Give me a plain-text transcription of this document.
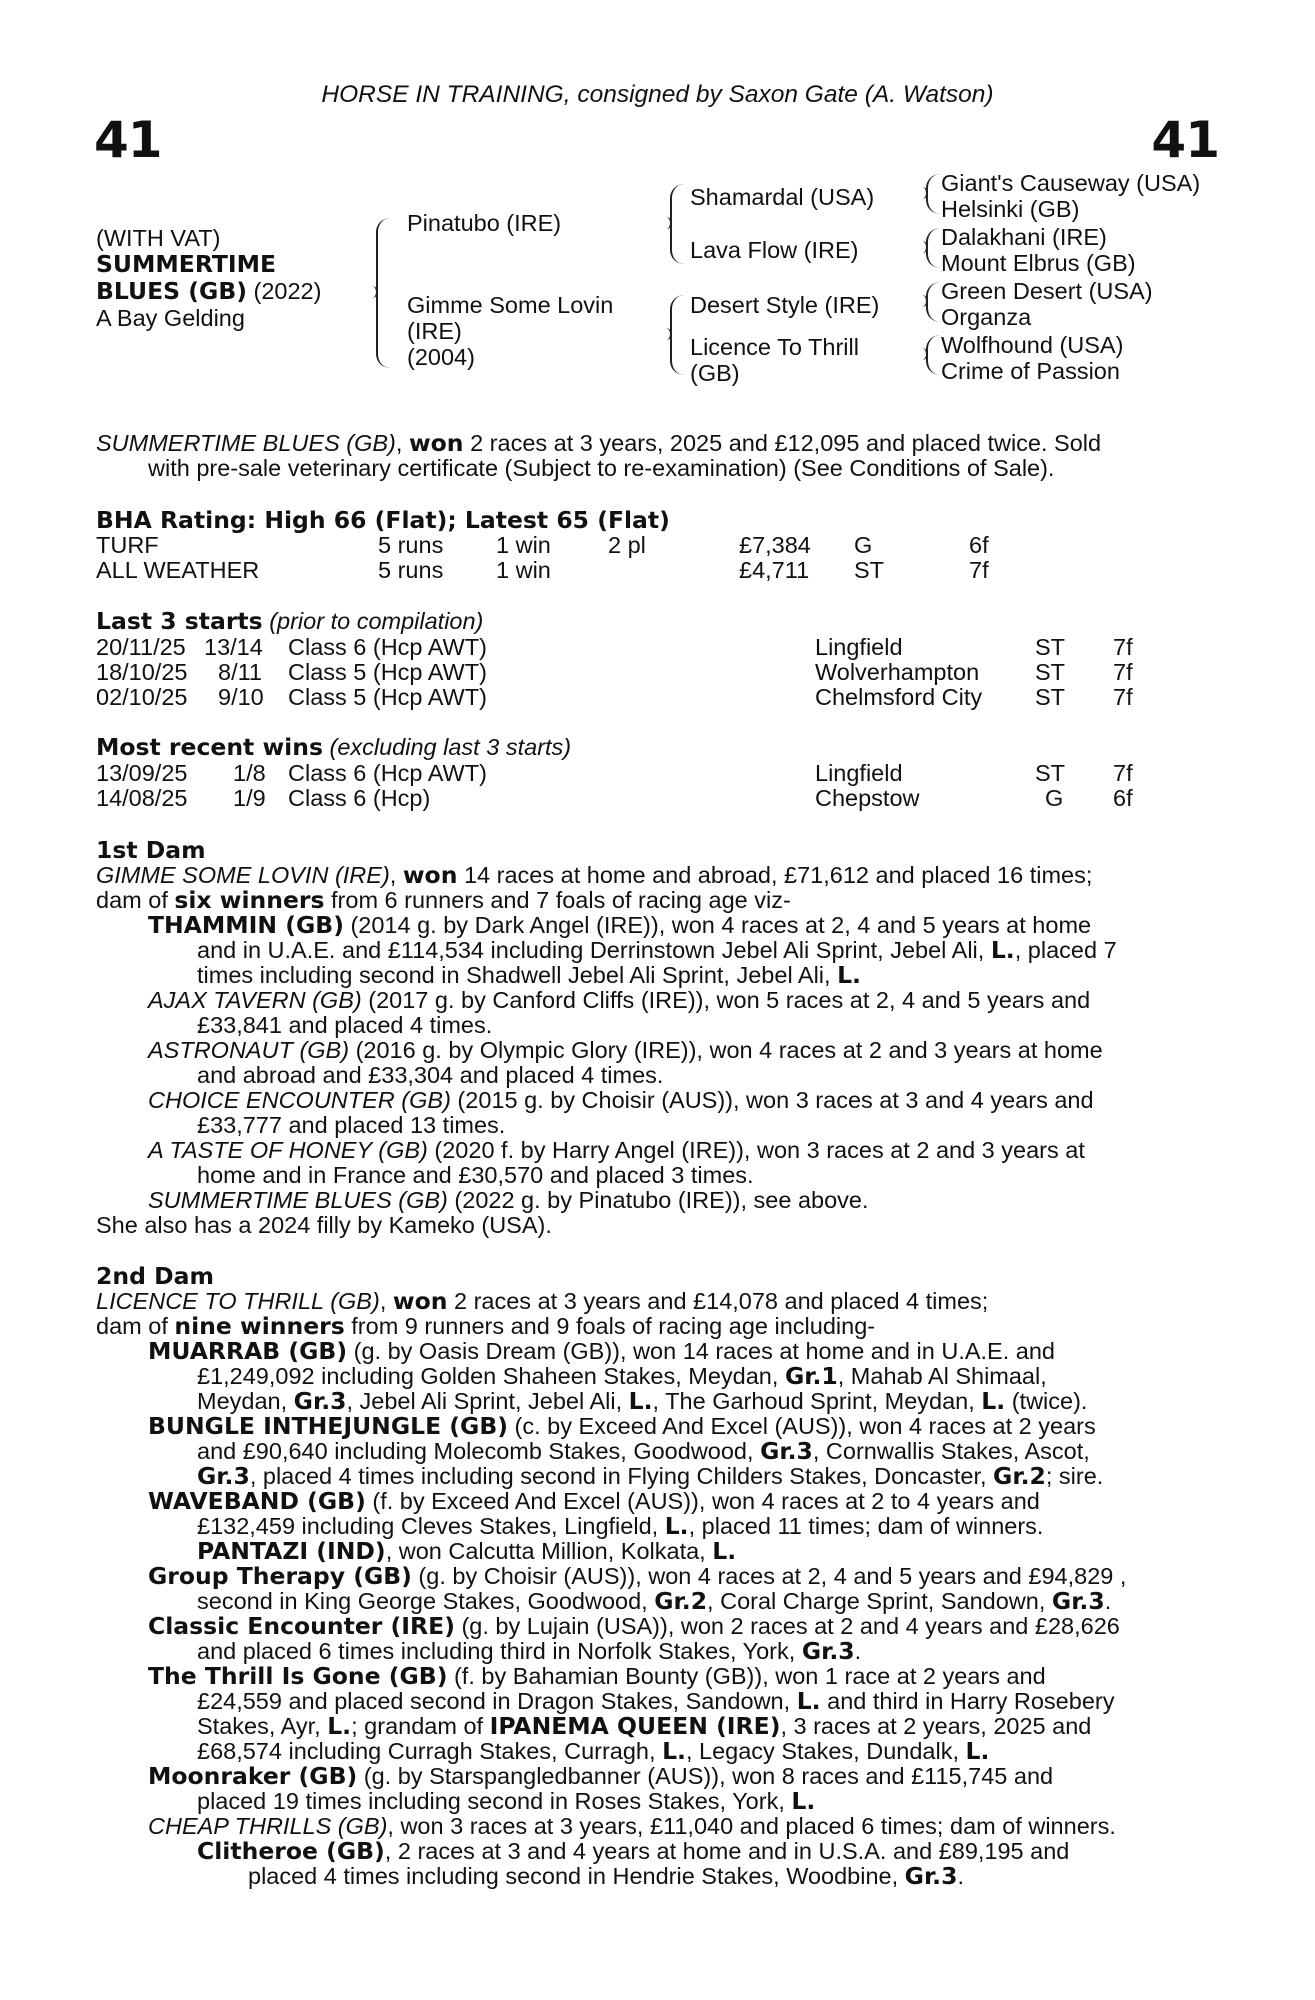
HORSE IN TRAINING, consigned by Saxon Gate (A. Watson)
41	41
(WITH VAT)
SUMMERTIME
BLUES (GB) (2022)
A Bay Gelding
Pinatubo (IRE)
Gimme Some Lovin
(IRE)
(2004)
Shamardal (USA)
Lava Flow (IRE)
Desert Style (IRE)
Licence To Thrill
(GB)
Giant's Causeway (USA)
Helsinki (GB)
Dalakhani (IRE)
Mount Elbrus (GB)
Green Desert (USA)
Organza
Wolfhound (USA)
Crime of Passion
SUMMERTIME BLUES (GB), won 2 races at 3 years, 2025 and £12,095 and placed twice. Sold
with pre-sale veterinary certificate (Subject to re-examination) (See Conditions of Sale).
BHA Rating: High 66 (Flat); Latest 65 (Flat)
TURF	5 runs 1 win 2 pl	£7,384 G	6f
ALL WEATHER	5 runs 1 win	£4,711 ST	7f
Last 3 starts (prior to compilation)
20/11/25 13/14 Class 6 (Hcp AWT)	Lingfield	ST 7f
18/10/25 8/11 Class 5 (Hcp AWT)	Wolverhampton ST 7f
02/10/25 9/10 Class 5 (Hcp AWT)	Chelmsford City ST 7f
Most recent wins (excluding last 3 starts)
13/09/25 1/8 Class 6 (Hcp AWT)	Lingfield	ST 7f
14/08/25 1/9 Class 6 (Hcp)	Chepstow	G 6f
1st Dam
GIMME SOME LOVIN (IRE), won 14 races at home and abroad, £71,612 and placed 16 times;
dam of six winners from 6 runners and 7 foals of racing age viz-
THAMMIN (GB) (2014 g. by Dark Angel (IRE)), won 4 races at 2, 4 and 5 years at home
and in U.A.E. and £114,534 including Derrinstown Jebel Ali Sprint, Jebel Ali, L., placed 7
times including second in Shadwell Jebel Ali Sprint, Jebel Ali, L.
AJAX TAVERN (GB) (2017 g. by Canford Cliffs (IRE)), won 5 races at 2, 4 and 5 years and
£33,841 and placed 4 times.
ASTRONAUT (GB) (2016 g. by Olympic Glory (IRE)), won 4 races at 2 and 3 years at home
and abroad and £33,304 and placed 4 times.
CHOICE ENCOUNTER (GB) (2015 g. by Choisir (AUS)), won 3 races at 3 and 4 years and
£33,777 and placed 13 times.
A TASTE OF HONEY (GB) (2020 f. by Harry Angel (IRE)), won 3 races at 2 and 3 years at
home and in France and £30,570 and placed 3 times.
SUMMERTIME BLUES (GB) (2022 g. by Pinatubo (IRE)), see above.
She also has a 2024 filly by Kameko (USA).
2nd Dam
LICENCE TO THRILL (GB), won 2 races at 3 years and £14,078 and placed 4 times;
dam of nine winners from 9 runners and 9 foals of racing age including-
MUARRAB (GB) (g. by Oasis Dream (GB)), won 14 races at home and in U.A.E. and
£1,249,092 including Golden Shaheen Stakes, Meydan, Gr.1, Mahab Al Shimaal,
Meydan, Gr.3, Jebel Ali Sprint, Jebel Ali, L., The Garhoud Sprint, Meydan, L. (twice).
BUNGLE INTHEJUNGLE (GB) (c. by Exceed And Excel (AUS)), won 4 races at 2 years
and £90,640 including Molecomb Stakes, Goodwood, Gr.3, Cornwallis Stakes, Ascot,
Gr.3, placed 4 times including second in Flying Childers Stakes, Doncaster, Gr.2; sire.
WAVEBAND (GB) (f. by Exceed And Excel (AUS)), won 4 races at 2 to 4 years and
£132,459 including Cleves Stakes, Lingfield, L., placed 11 times; dam of winners.
PANTAZI (IND), won Calcutta Million, Kolkata, L.
Group Therapy (GB) (g. by Choisir (AUS)), won 4 races at 2, 4 and 5 years and £94,829 ,
second in King George Stakes, Goodwood, Gr.2, Coral Charge Sprint, Sandown, Gr.3.
Classic Encounter (IRE) (g. by Lujain (USA)), won 2 races at 2 and 4 years and £28,626
and placed 6 times including third in Norfolk Stakes, York, Gr.3.
The Thrill Is Gone (GB) (f. by Bahamian Bounty (GB)), won 1 race at 2 years and
£24,559 and placed second in Dragon Stakes, Sandown, L. and third in Harry Rosebery
Stakes, Ayr, L.; grandam of IPANEMA QUEEN (IRE), 3 races at 2 years, 2025 and
£68,574 including Curragh Stakes, Curragh, L., Legacy Stakes, Dundalk, L.
Moonraker (GB) (g. by Starspangledbanner (AUS)), won 8 races and £115,745 and
placed 19 times including second in Roses Stakes, York, L.
CHEAP THRILLS (GB), won 3 races at 3 years, £11,040 and placed 6 times; dam of winners.
Clitheroe (GB), 2 races at 3 and 4 years at home and in U.S.A. and £89,195 and
placed 4 times including second in Hendrie Stakes, Woodbine, Gr.3.
